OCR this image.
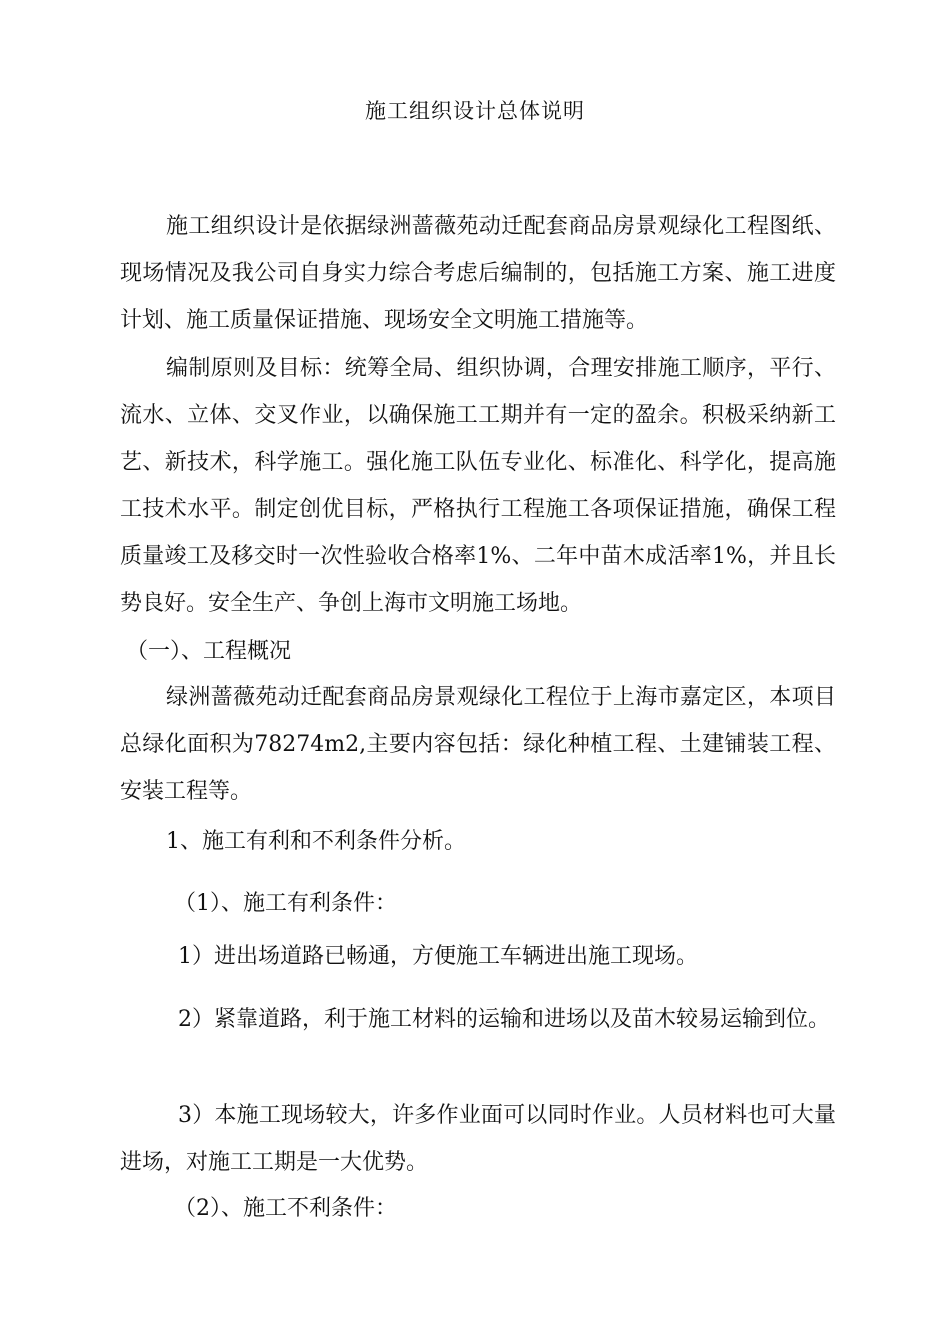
施工组织设计总体说明

施工组织设计是依据绿洲蔷薇苑动迁配套商品房景观绿化工程图纸、现场情况及我公司自身实力综合考虑后编制的，包括施工方案、施工进度计划、施工质量保证措施、现场安全文明施工措施等。

编制原则及目标：统筹全局、组织协调，合理安排施工顺序，平行、流水、立体、交叉作业，以确保施工工期并有一定的盈余。积极采纳新工艺、新技术，科学施工。强化施工队伍专业化、标准化、科学化，提高施工技术水平。制定创优目标，严格执行工程施工各项保证措施，确保工程质量竣工及移交时一次性验收合格率1%、二年中苗木成活率1%，并且长势良好。安全生产、争创上海市文明施工场地。

（一）、工程概况

绿洲蔷薇苑动迁配套商品房景观绿化工程位于上海市嘉定区，本项目总绿化面积为78274m2,主要内容包括：绿化种植工程、土建铺装工程、安装工程等。

1、施工有利和不利条件分析。

（1）、施工有利条件：

1）进出场道路已畅通，方便施工车辆进出施工现场。

2）紧靠道路，利于施工材料的运输和进场以及苗木较易运输到位。

3）本施工现场较大，许多作业面可以同时作业。人员材料也可大量进场，对施工工期是一大优势。

（2）、施工不利条件：
